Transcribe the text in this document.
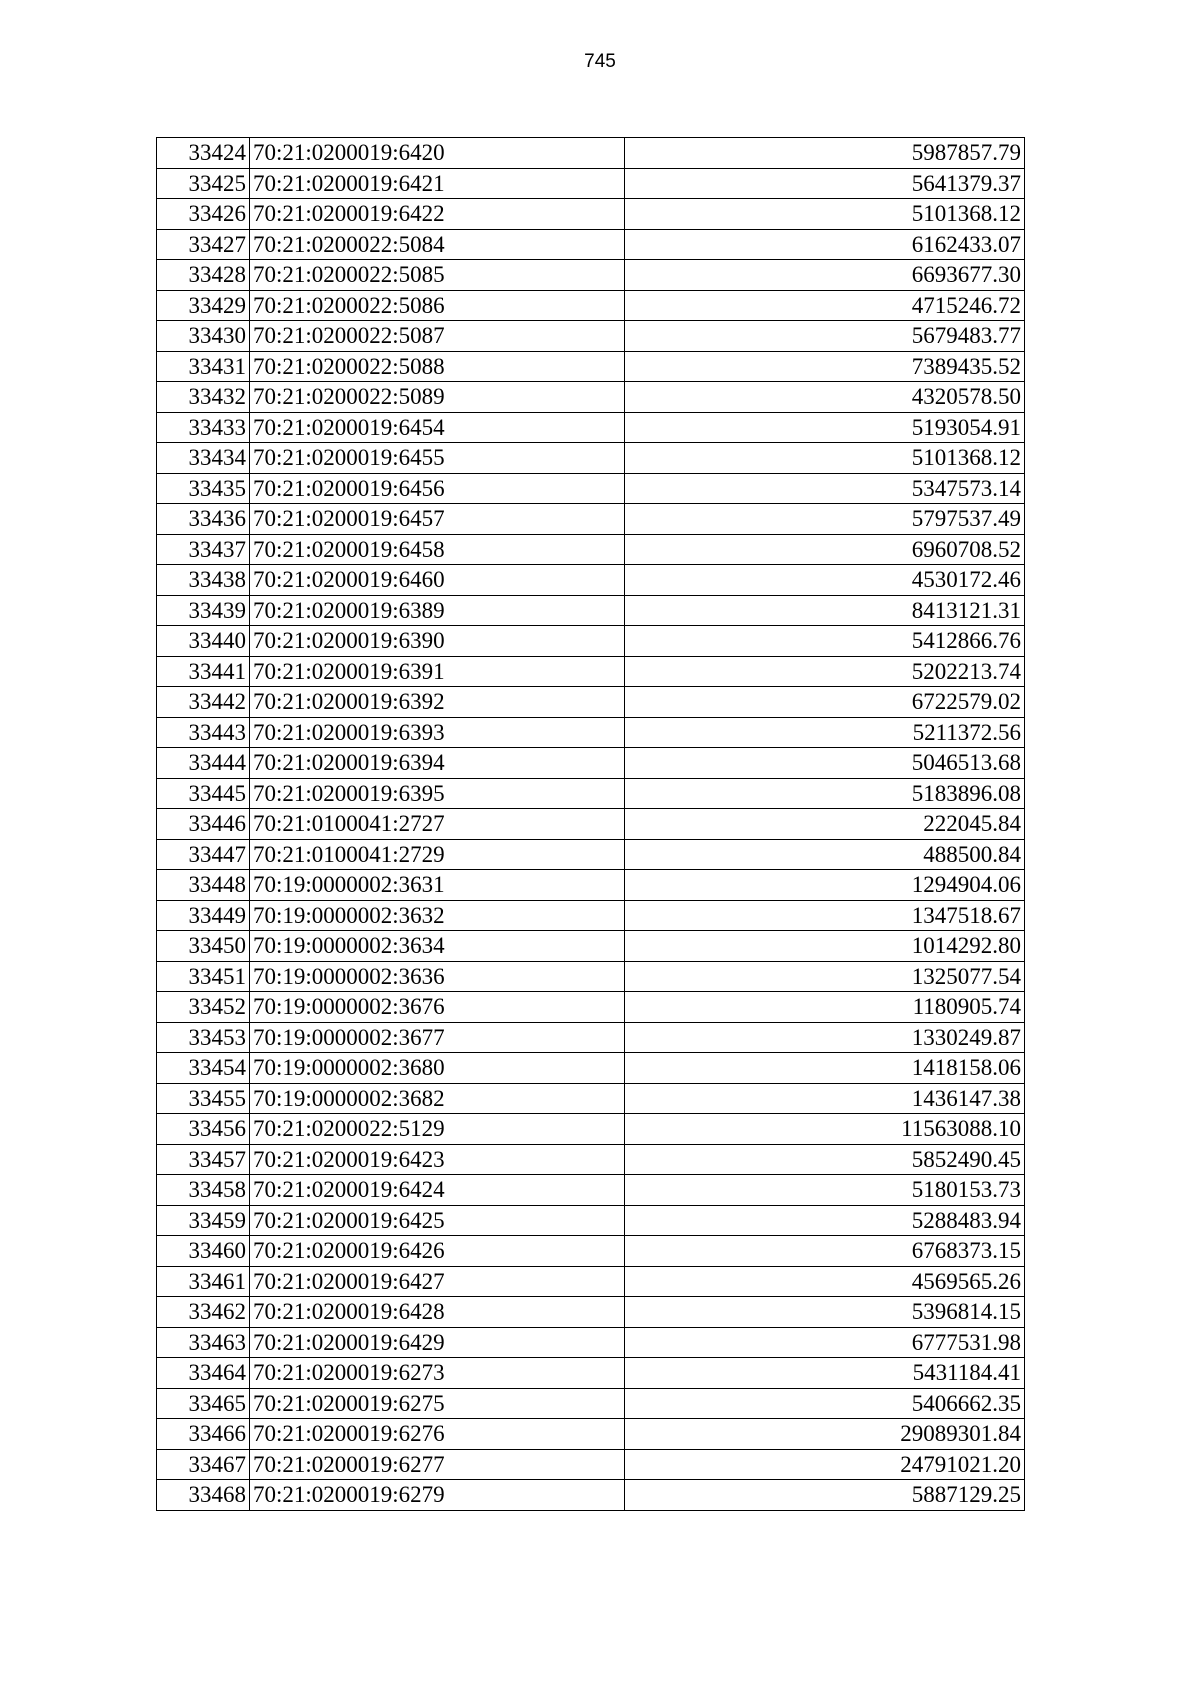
745
33424	70:21:0200019:6420	5987857.79
33425	70:21:0200019:6421	5641379.37
33426	70:21:0200019:6422	5101368.12
33427	70:21:0200022:5084	6162433.07
33428	70:21:0200022:5085	6693677.30
33429	70:21:0200022:5086	4715246.72
33430	70:21:0200022:5087	5679483.77
33431	70:21:0200022:5088	7389435.52
33432	70:21:0200022:5089	4320578.50
33433	70:21:0200019:6454	5193054.91
33434	70:21:0200019:6455	5101368.12
33435	70:21:0200019:6456	5347573.14
33436	70:21:0200019:6457	5797537.49
33437	70:21:0200019:6458	6960708.52
33438	70:21:0200019:6460	4530172.46
33439	70:21:0200019:6389	8413121.31
33440	70:21:0200019:6390	5412866.76
33441	70:21:0200019:6391	5202213.74
33442	70:21:0200019:6392	6722579.02
33443	70:21:0200019:6393	5211372.56
33444	70:21:0200019:6394	5046513.68
33445	70:21:0200019:6395	5183896.08
33446	70:21:0100041:2727	222045.84
33447	70:21:0100041:2729	488500.84
33448	70:19:0000002:3631	1294904.06
33449	70:19:0000002:3632	1347518.67
33450	70:19:0000002:3634	1014292.80
33451	70:19:0000002:3636	1325077.54
33452	70:19:0000002:3676	1180905.74
33453	70:19:0000002:3677	1330249.87
33454	70:19:0000002:3680	1418158.06
33455	70:19:0000002:3682	1436147.38
33456	70:21:0200022:5129	11563088.10
33457	70:21:0200019:6423	5852490.45
33458	70:21:0200019:6424	5180153.73
33459	70:21:0200019:6425	5288483.94
33460	70:21:0200019:6426	6768373.15
33461	70:21:0200019:6427	4569565.26
33462	70:21:0200019:6428	5396814.15
33463	70:21:0200019:6429	6777531.98
33464	70:21:0200019:6273	5431184.41
33465	70:21:0200019:6275	5406662.35
33466	70:21:0200019:6276	29089301.84
33467	70:21:0200019:6277	24791021.20
33468	70:21:0200019:6279	5887129.25
